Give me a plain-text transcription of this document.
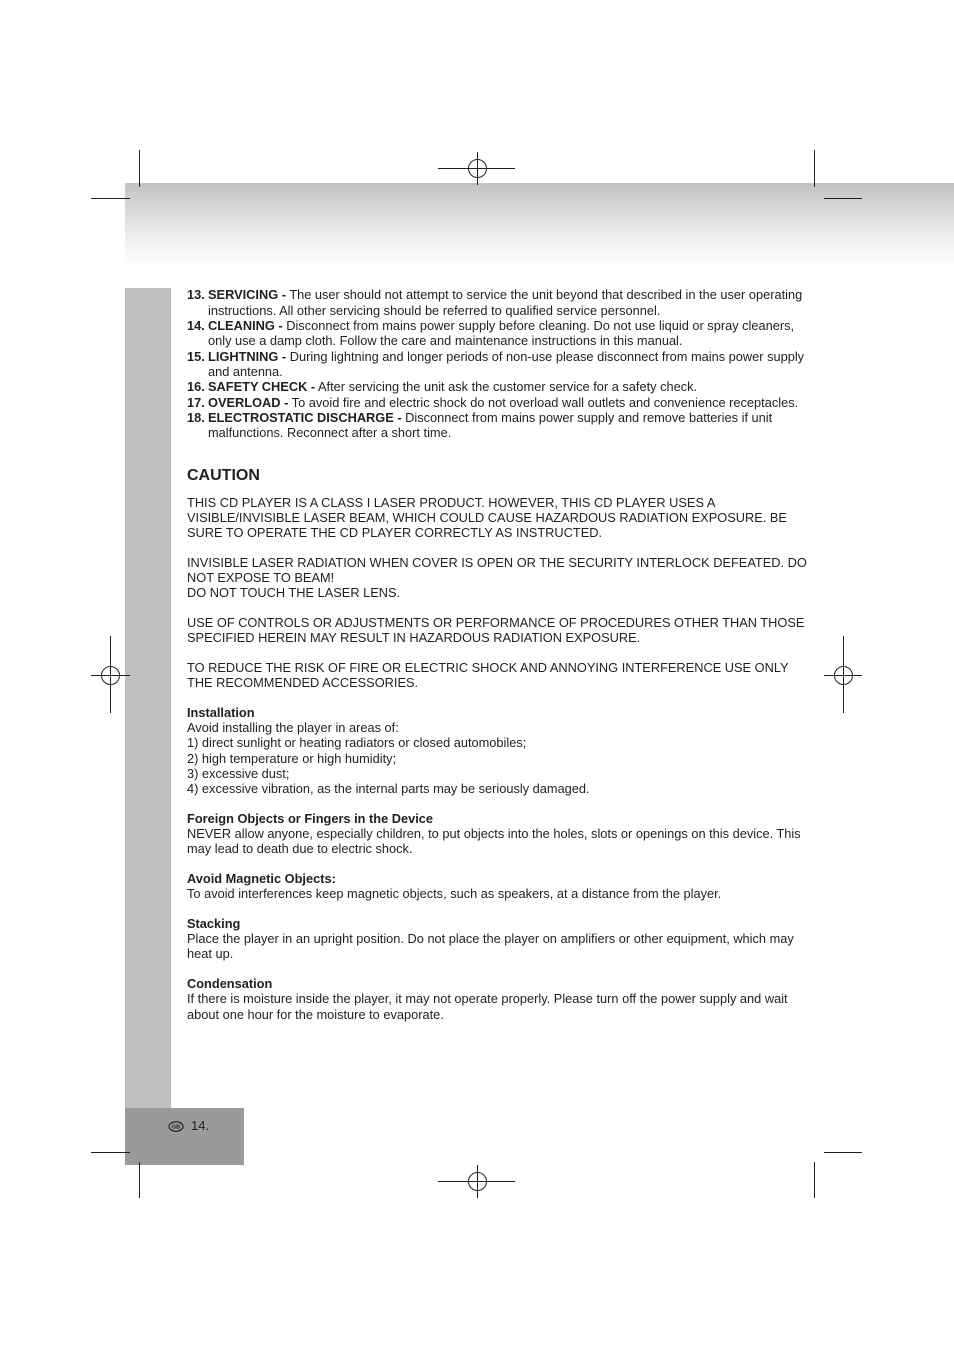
GB 14.
13. SERVICING - The user should not attempt to service the unit beyond that described in the user operating
instructions. All other servicing should be referred to qualified service personnel.
14. CLEANING - Disconnect from mains power supply before cleaning. Do not use liquid or spray cleaners,
only use a damp cloth. Follow the care and maintenance instructions in this manual.
15. LIGHTNING - During lightning and longer periods of non-use please disconnect from mains power supply
and antenna.
16. SAFETY CHECK - After servicing the unit ask the customer service for a safety check.
17. OVERLOAD - To avoid fire and electric shock do not overload wall outlets and convenience receptacles.
18. ELECTROSTATIC DISCHARGE - Disconnect from mains power supply and remove batteries if unit
malfunctions. Reconnect after a short time.
CAUTION
THIS CD PLAYER IS A CLASS I LASER PRODUCT. HOWEVER, THIS CD PLAYER USES A
VISIBLE/INVISIBLE LASER BEAM, WHICH COULD CAUSE HAZARDOUS RADIATION EXPOSURE. BE
SURE TO OPERATE THE CD PLAYER CORRECTLY AS INSTRUCTED.
INVISIBLE LASER RADIATION WHEN COVER IS OPEN OR THE SECURITY INTERLOCK DEFEATED. DO
NOT EXPOSE TO BEAM!
DO NOT TOUCH THE LASER LENS.
USE OF CONTROLS OR ADJUSTMENTS OR PERFORMANCE OF PROCEDURES OTHER THAN THOSE
SPECIFIED HEREIN MAY RESULT IN HAZARDOUS RADIATION EXPOSURE.
TO REDUCE THE RISK OF FIRE OR ELECTRIC SHOCK AND ANNOYING INTERFERENCE USE ONLY
THE RECOMMENDED ACCESSORIES.
Installation
Avoid installing the player in areas of:
1) direct sunlight or heating radiators or closed automobiles;
2) high temperature or high humidity;
3) excessive dust;
4) excessive vibration, as the internal parts may be seriously damaged.
Foreign Objects or Fingers in the Device
NEVER allow anyone, especially children, to put objects into the holes, slots or openings on this device. This
may lead to death due to electric shock.
Avoid Magnetic Objects:
To avoid interferences keep magnetic objects, such as speakers, at a distance from the player.
Stacking
Place the player in an upright position. Do not place the player on amplifiers or other equipment, which may
heat up.
Condensation
If there is moisture inside the player, it may not operate properly. Please turn off the power supply and wait
about one hour for the moisture to evaporate.
